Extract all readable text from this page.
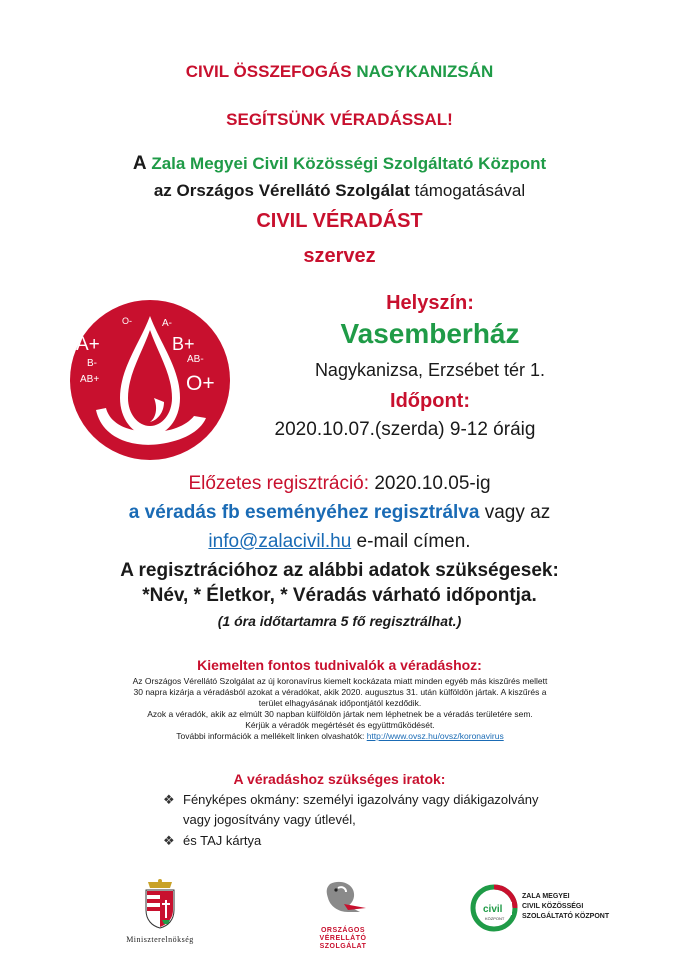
CIVIL ÖSSZEFOGÁS NAGYKANIZSÁN
SEGÍTSÜNK VÉRADÁSSAL!
A Zala Megyei Civil Közösségi Szolgáltató Központ
az Országos Vérellátó Szolgálat támogatásával
CIVIL VÉRADÁST
szervez
O-	A-
A+	B+
B-	AB-
AB+	O+
Helyszín:
Vasemberház
Nagykanizsa, Erzsébet tér 1.
Időpont:
2020.10.07.(szerda) 9-12 óráig
Előzetes regisztráció: 2020.10.05-ig
a véradás fb eseményéhez regisztrálva vagy az
info@zalacivil.hu e-mail címen.
A regisztrációhoz az alábbi adatok szükségesek:
*Név, * Életkor, * Véradás várható időpontja.
(1 óra időtartamra 5 fő regisztrálhat.)
Kiemelten fontos tudnivalók a véradáshoz:
Az Országos Vérellátó Szolgálat az új koronavírus kiemelt kockázata miatt minden egyéb más kiszűrés mellett
30 napra kizárja a véradásból azokat a véradókat, akik 2020. augusztus 31. után külföldön jártak. A kiszűrés a
terület elhagyásának időpontjától kezdődik.
Azok a véradók, akik az elmúlt 30 napban külföldön jártak nem léphetnek be a véradás területére sem.
Kérjük a véradók megértését és együttműködését.
További információk a mellékelt linken olvashatók: http://www.ovsz.hu/ovsz/koronavirus
A véradáshoz szükséges iratok:
❖ Fényképes okmány: személyi igazolvány vagy diákigazolvány
vagy jogosítvány vagy útlevél,
❖ és TAJ kártya
Miniszterelnökség
ORSZÁGOS
VÉRELLÁTÓ
SZOLGÁLAT
civil
KÖZPONT
ZALA MEGYEI
CIVIL KÖZÖSSÉGI
SZOLGÁLTATÓ KÖZPONT
